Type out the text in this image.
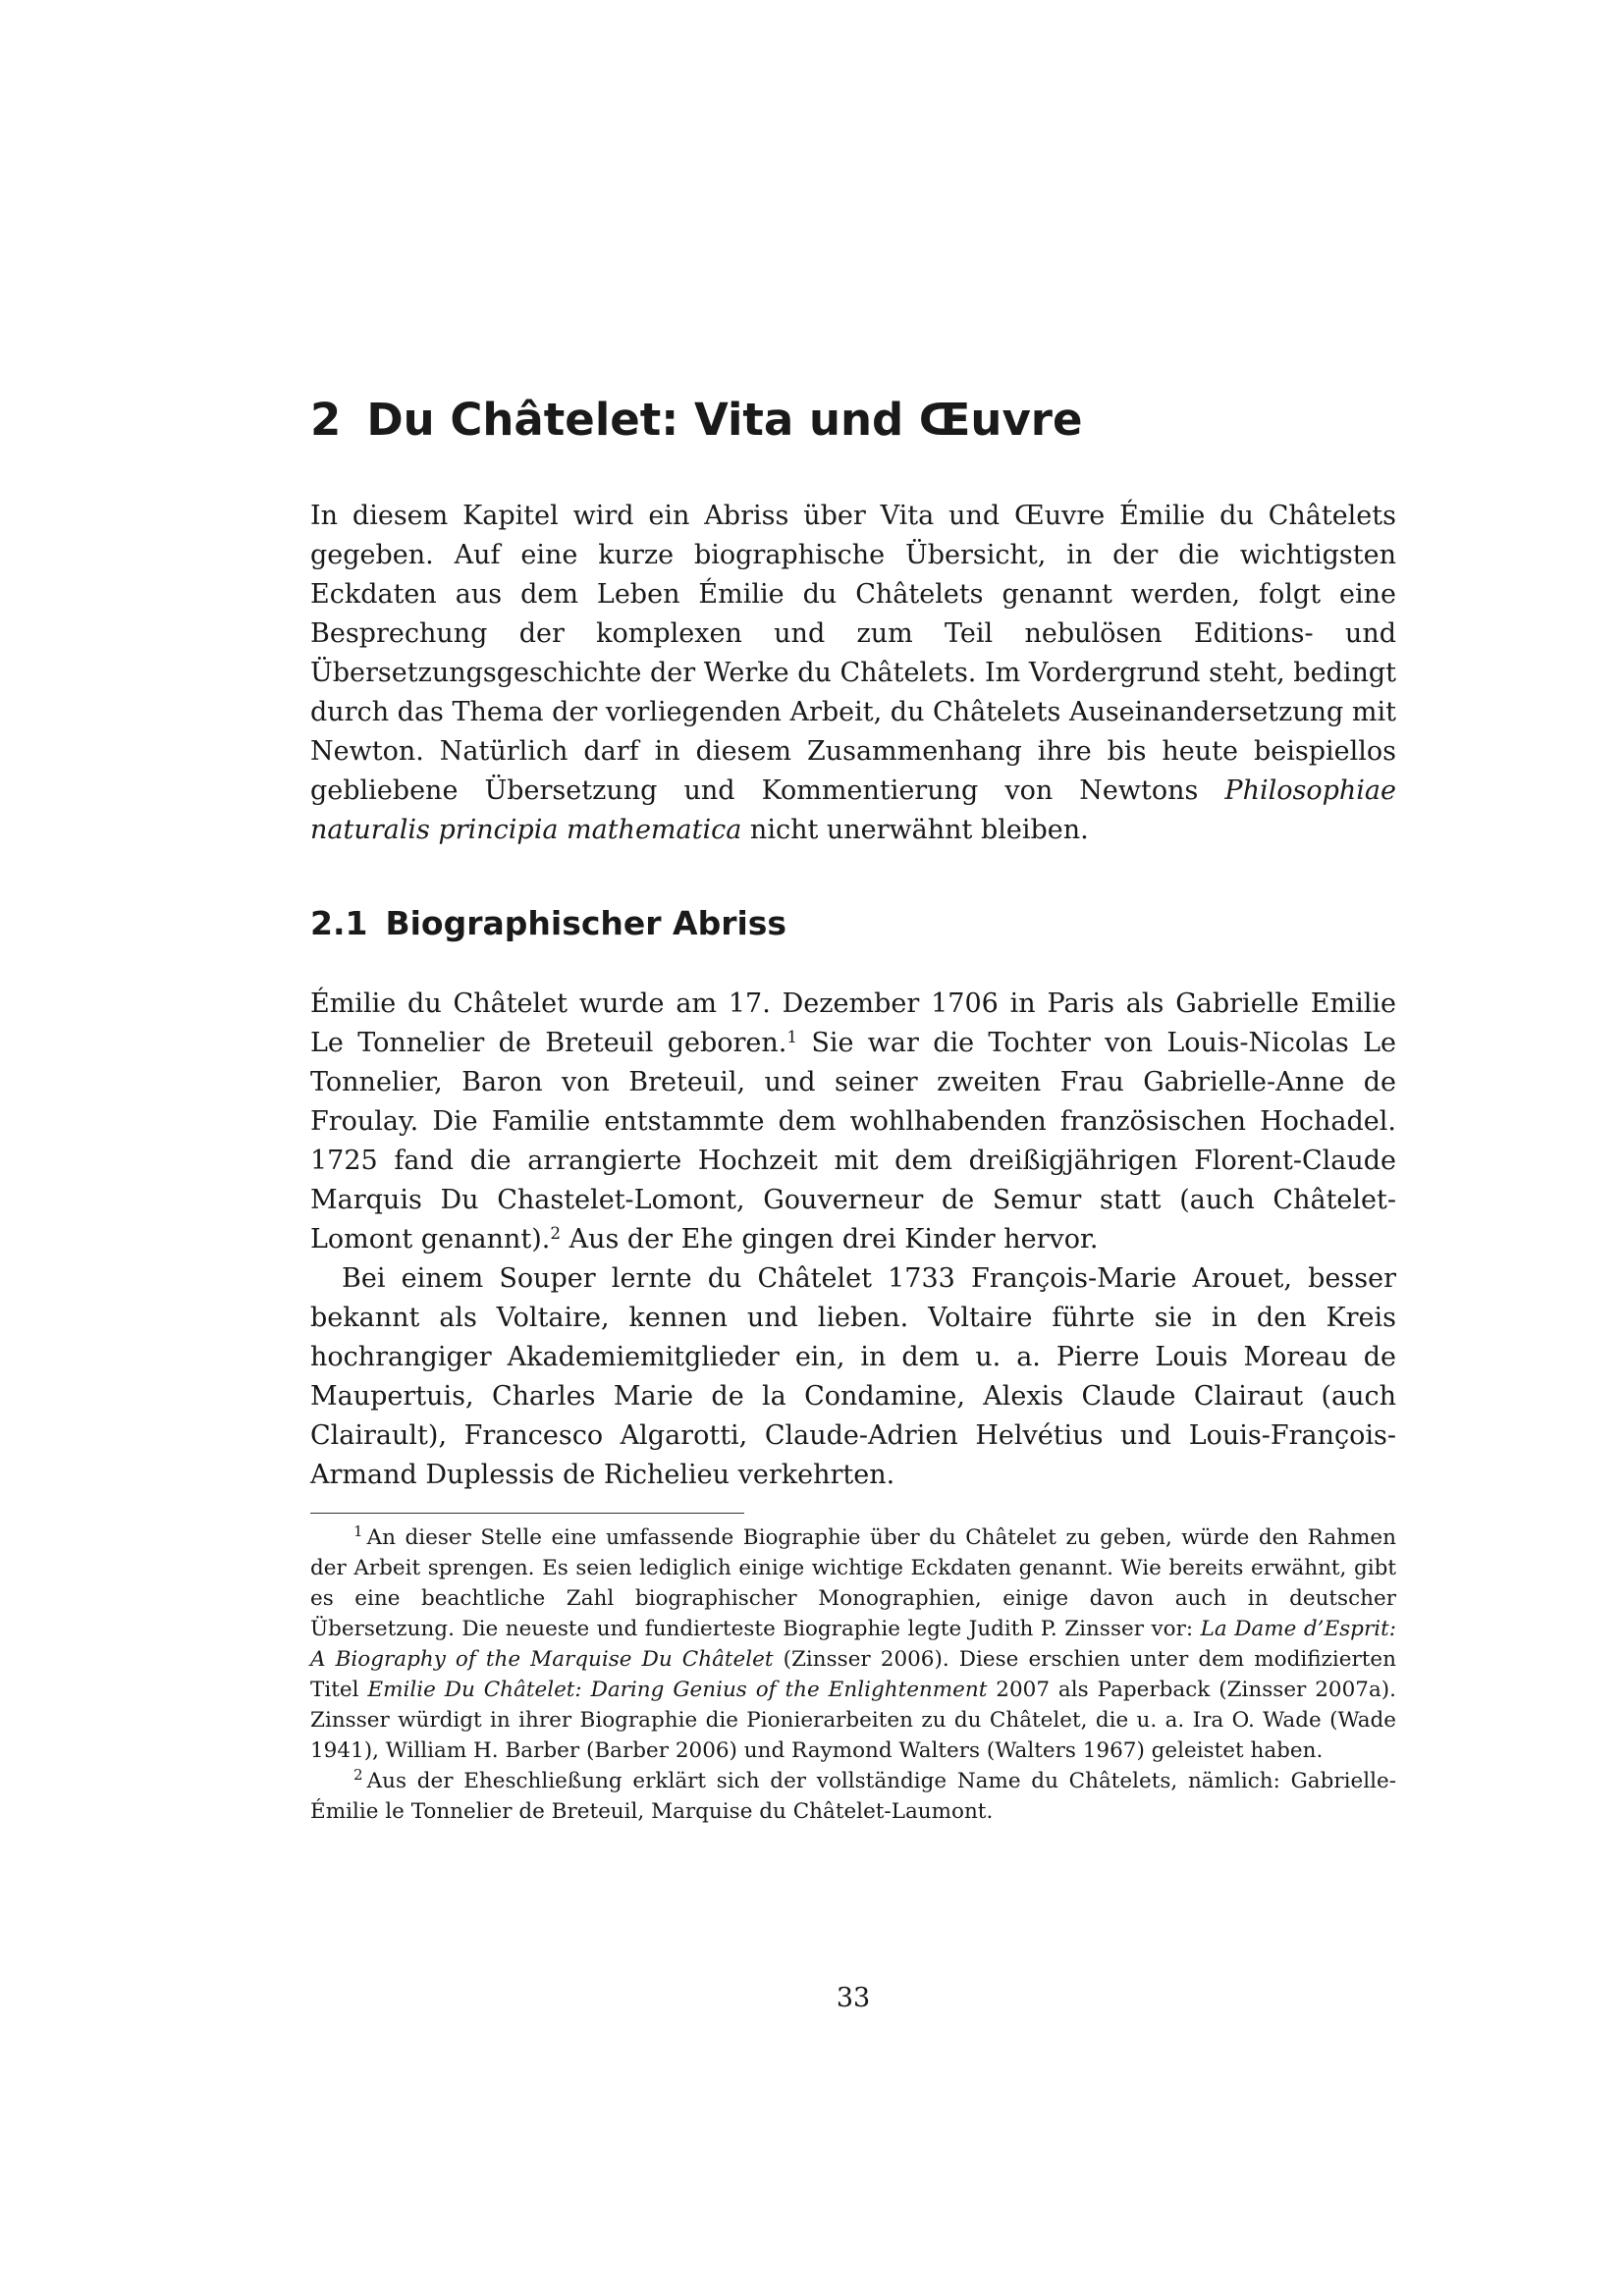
2 Du Châtelet: Vita und Œuvre

In diesem Kapitel wird ein Abriss über Vita und Œuvre Émilie du Châtelets gegeben. Auf eine kurze biographische Übersicht, in der die wichtigsten Eckdaten aus dem Leben Émilie du Châtelets genannt werden, folgt eine Besprechung der komplexen und zum Teil nebulösen Editions- und Übersetzungsgeschichte der Werke du Châtelets. Im Vordergrund steht, bedingt durch das Thema der vorliegenden Arbeit, du Châtelets Auseinandersetzung mit Newton. Natürlich darf in diesem Zusammenhang ihre bis heute beispiellos gebliebene Übersetzung und Kommentierung von Newtons Philosophiae naturalis principia mathematica nicht unerwähnt bleiben.

2.1 Biographischer Abriss

Émilie du Châtelet wurde am 17. Dezember 1706 in Paris als Gabrielle Emilie Le Tonnelier de Breteuil geboren.$^1$ Sie war die Tochter von Louis-Nicolas Le Tonnelier, Baron von Breteuil, und seiner zweiten Frau Gabrielle-Anne de Froulay. Die Familie entstammte dem wohlhabenden französischen Hochadel. 1725 fand die arrangierte Hochzeit mit dem dreißigjährigen Florent-Claude Marquis Du Chastelet-Lomont, Gouverneur de Semur statt (auch Châtelet-Lomont genannt).$^2$ Aus der Ehe gingen drei Kinder hervor.

Bei einem Souper lernte du Châtelet 1733 François-Marie Arouet, besser bekannt als Voltaire, kennen und lieben. Voltaire führte sie in den Kreis hochrangiger Akademiemitglieder ein, in dem u. a. Pierre Louis Moreau de Maupertuis, Charles Marie de la Condamine, Alexis Claude Clairaut (auch Clairault), Francesco Algarotti, Claude-Adrien Helvétius und Louis-François-Armand Duplessis de Richelieu verkehrten.

$^1$ An dieser Stelle eine umfassende Biographie über du Châtelet zu geben, würde den Rahmen der Arbeit sprengen. Es seien lediglich einige wichtige Eckdaten genannt. Wie bereits erwähnt, gibt es eine beachtliche Zahl biographischer Monographien, einige davon auch in deutscher Übersetzung. Die neueste und fundierteste Biographie legte Judith P. Zinsser vor: La Dame d’Esprit: A Biography of the Marquise Du Châtelet (Zinsser 2006). Diese erschien unter dem modifizierten Titel Emilie Du Châtelet: Daring Genius of the Enlightenment 2007 als Paperback (Zinsser 2007a). Zinsser würdigt in ihrer Biographie die Pionierarbeiten zu du Châtelet, die u. a. Ira O. Wade (Wade 1941), William H. Barber (Barber 2006) und Raymond Walters (Walters 1967) geleistet haben.

$^2$ Aus der Eheschließung erklärt sich der vollständige Name du Châtelets, nämlich: Gabrielle-Émilie le Tonnelier de Breteuil, Marquise du Châtelet-Laumont.

33
